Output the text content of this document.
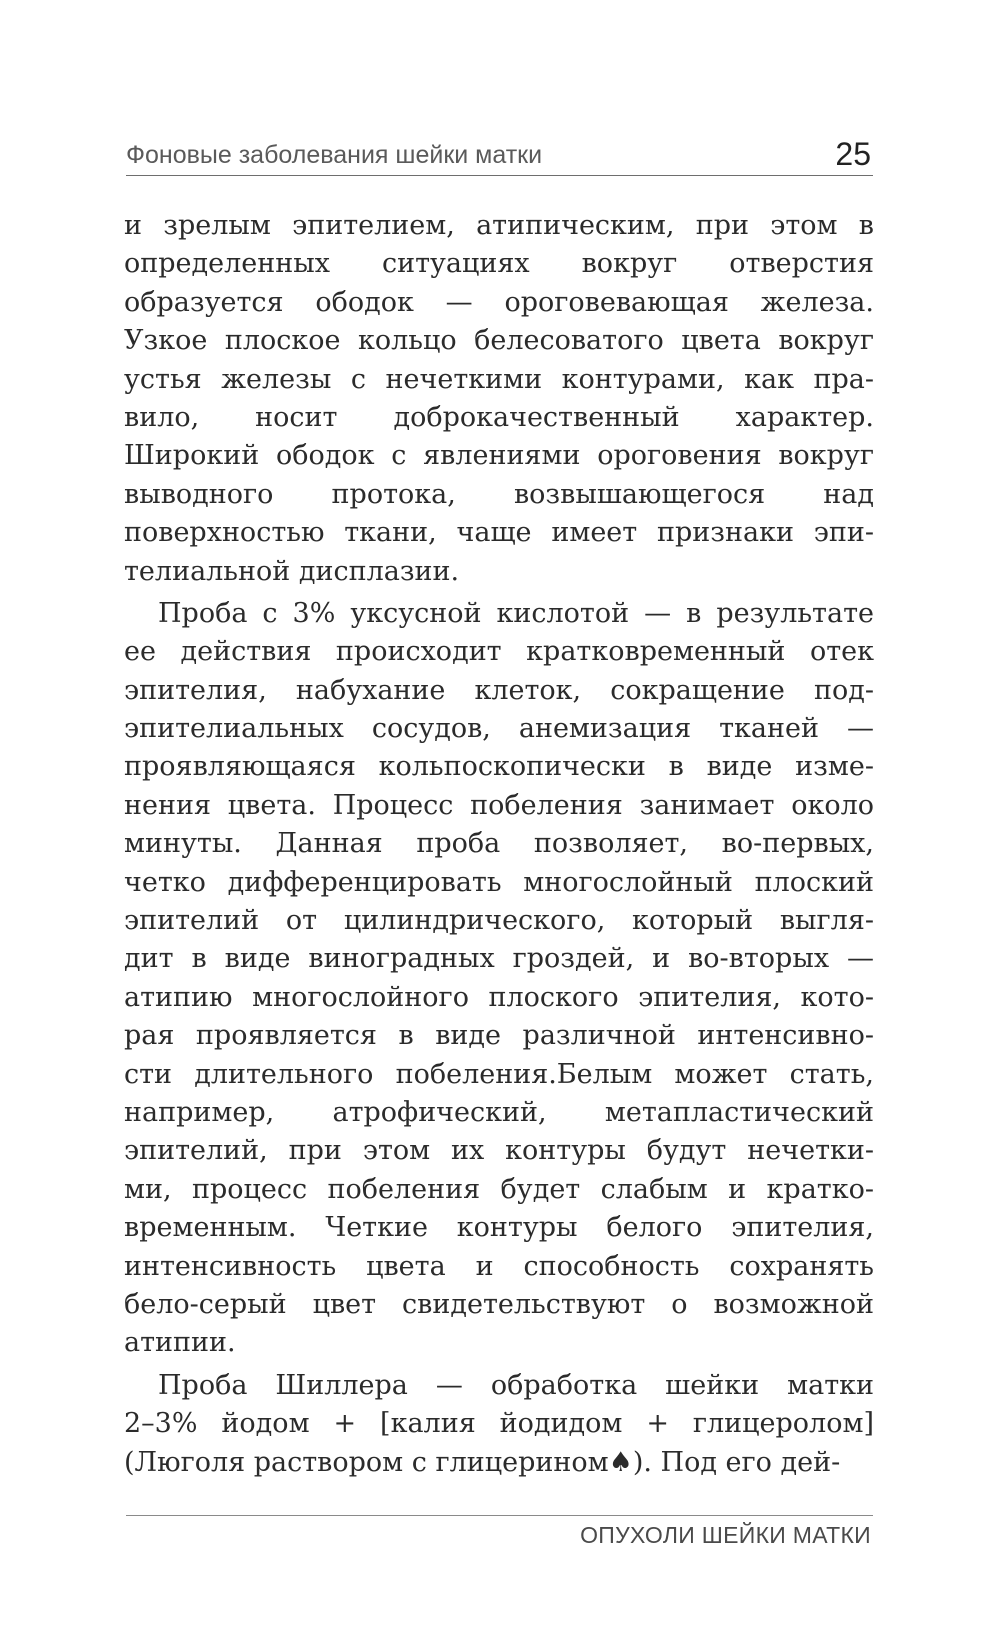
Фоновые заболевания шейки матки	25
и зрелым эпителием, атипическим, при этом в
определенных ситуациях вокруг отверстия
образуется ободок — ороговевающая железа.
Узкое плоское кольцо белесоватого цвета вокруг
устья железы с нечеткими контурами, как пра-
вило, носит доброкачественный характер.
Широкий ободок с явлениями ороговения вокруг
выводного протока, возвышающегося над
поверхностью ткани, чаще имеет признаки эпи-
телиальной дисплазии.
Проба с 3% уксусной кислотой — в результате
ее действия происходит кратковременный отек
эпителия, набухание клеток, сокращение под-
эпителиальных сосудов, анемизация тканей —
проявляющаяся кольпоскопически в виде изме-
нения цвета. Процесс побеления занимает около
минуты. Данная проба позволяет, во-первых,
четко дифференцировать многослойный плоский
эпителий от цилиндрического, который выгля-
дит в виде виноградных гроздей, и во-вторых —
атипию многослойного плоского эпителия, кото-
рая проявляется в виде различной интенсивно-
сти длительного побеления.Белым может стать,
например, атрофический, метапластический
эпителий, при этом их контуры будут нечетки-
ми, процесс побеления будет слабым и кратко-
временным. Четкие контуры белого эпителия,
интенсивность цвета и способность сохранять
бело-серый цвет свидетельствуют о возможной
атипии.
Проба Шиллера — обработка шейки матки
2–3% йодом + [калия йодидом + глицеролом]
(Люголя раствором с глицерином♠). Под его дей-
ОПУХОЛИ ШЕЙКИ МАТКИ
